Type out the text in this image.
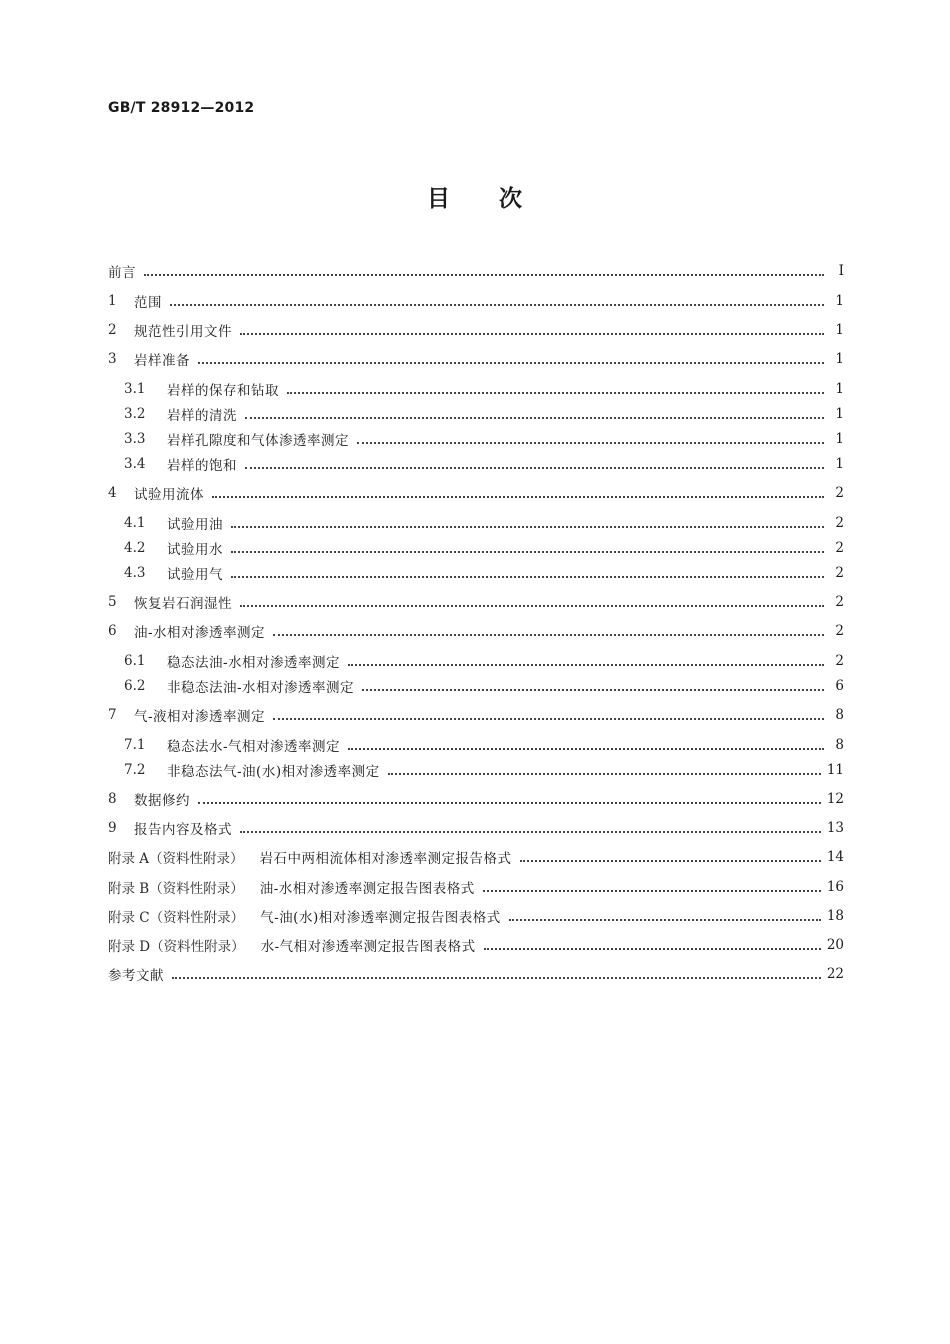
GB/T 28912—2012
目　　次
前言	Ⅰ
1	范围	1
2	规范性引用文件	1
3	岩样准备	1
3.1	岩样的保存和钻取	1
3.2	岩样的清洗	1
3.3	岩样孔隙度和气体渗透率测定	1
3.4	岩样的饱和	1
4	试验用流体	2
4.1	试验用油	2
4.2	试验用水	2
4.3	试验用气	2
5	恢复岩石润湿性	2
6	油-水相对渗透率测定	2
6.1	稳态法油-水相对渗透率测定	2
6.2	非稳态法油-水相对渗透率测定	6
7	气-液相对渗透率测定	8
7.1	稳态法水-气相对渗透率测定	8
7.2	非稳态法气-油(水)相对渗透率测定	11
8	数据修约	12
9	报告内容及格式	13
附录 A（资料性附录） 岩石中两相流体相对渗透率测定报告格式	14
附录 B（资料性附录） 油-水相对渗透率测定报告图表格式	16
附录 C（资料性附录） 气-油(水)相对渗透率测定报告图表格式	18
附录 D（资料性附录） 水-气相对渗透率测定报告图表格式	20
参考文献	22
